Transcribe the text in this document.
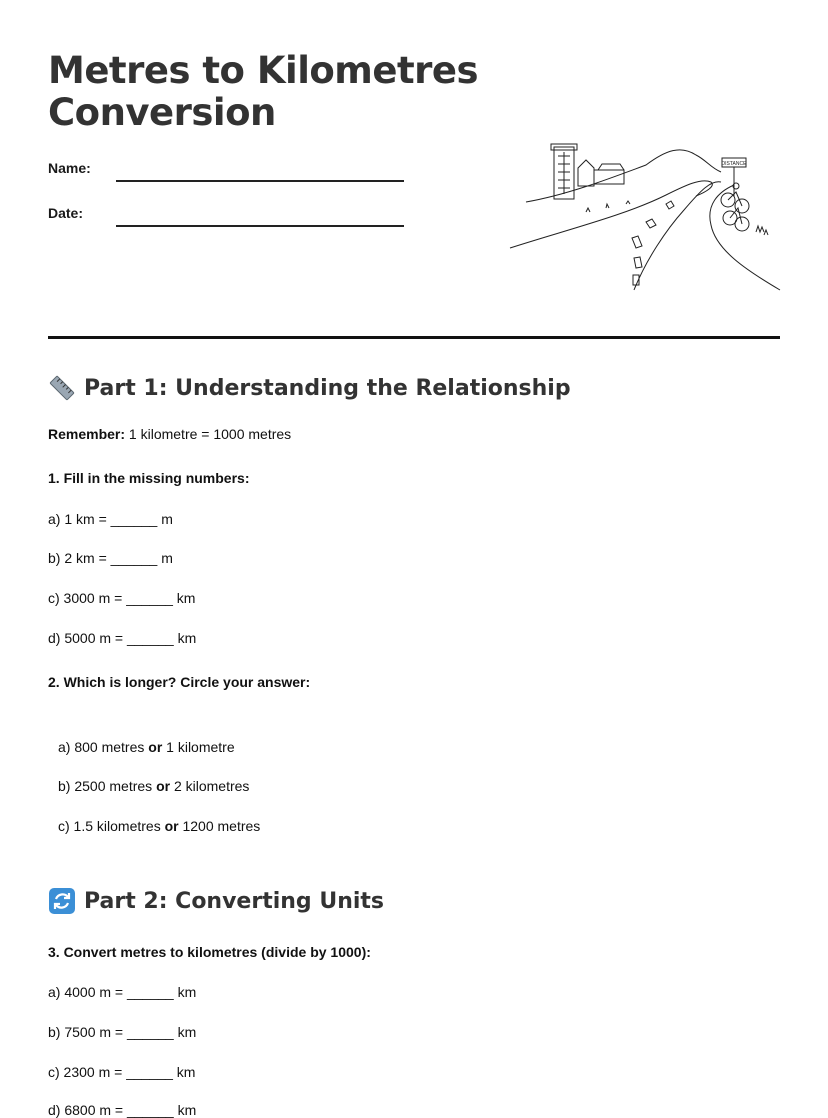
Metres to Kilometres
Conversion
Name:
Date:
DISTANCE
Part 1: Understanding the Relationship
Remember: 1 kilometre = 1000 metres
1. Fill in the missing numbers:
a) 1 km = ______ m
b) 2 km = ______ m
c) 3000 m = ______ km
d) 5000 m = ______ km
2. Which is longer? Circle your answer:
a) 800 metres or 1 kilometre
b) 2500 metres or 2 kilometres
c) 1.5 kilometres or 1200 metres
Part 2: Converting Units
3. Convert metres to kilometres (divide by 1000):
a) 4000 m = ______ km
b) 7500 m = ______ km
c) 2300 m = ______ km
d) 6800 m = ______ km
